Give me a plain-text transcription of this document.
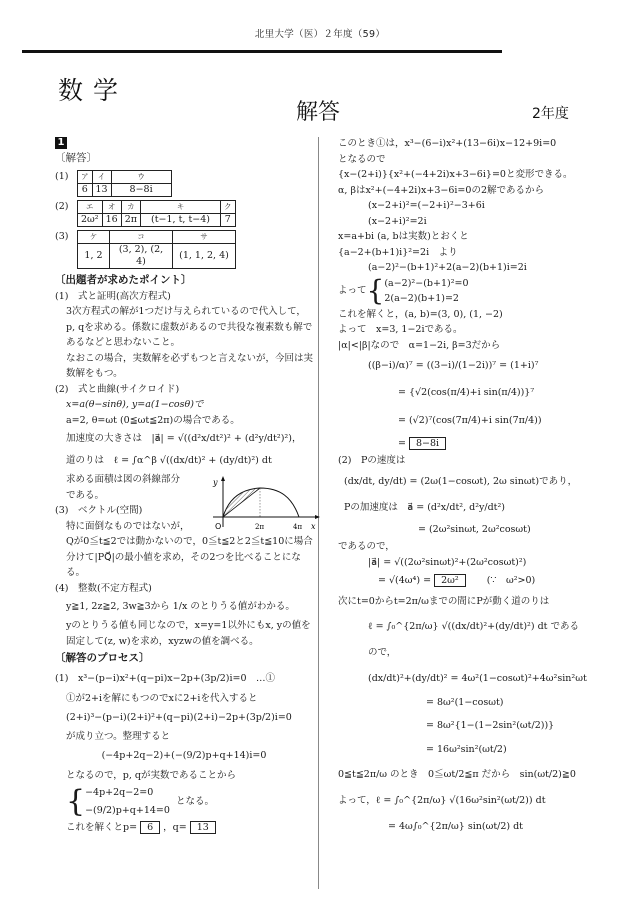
北里大学（医）２年度（59）
数学
解答	2年度
1
〔解答〕
(1)	ア	イ	ウ
6	13	8−8i
(2)	エ	オ	カ	キ	ク
2ω²	16	2π	(t−1, t, t−4)	7
(3)	ケ	コ	サ
1, 2	(3, 2), (2, 4)	(1, 1, 2, 4)
〔出題者が求めたポイント〕
(1)　式と証明(高次方程式)
3次方程式の解が1つだけ与えられているので代入して，p, qを求める。係数に虚数があるので共役な複素数も解であるなどと思わないこと。
なおこの場合，実数解を必ずもつと言えないが，今回は実数解をもつ。
(2)　式と曲線(サイクロイド)
x=a(θ−sinθ), y=a(1−cosθ)で
a=2, θ=ωt (0≦ωt≦2π)の場合である。
加速度の大きさは　|a⃗| = √((d²x/dt²)² + (d²y/dt²)²)，
道のりは　ℓ = ∫α^β √((dx/dt)² + (dy/dt)²) dt
求める面積は図の斜線部分である。
(3)　ベクトル(空間)
特に面倒なものではないが，
Qが0≦t≦2では動かないので，0≦t≦2と2≦t≦10に場合分けて|PQ⃗|の最小値を求め，その2つを比べることになる。
(4)　整数(不定方程式)
y≧1, 2z≧2, 3w≧3から 1/x のとりうる値がわかる。
yのとりうる値も同じなので，x=y=1以外にもx, yの値を固定して(z, w)を求め，xyzwの値を調べる。
〔解答のプロセス〕
(1)　x³−(p−i)x²+(q−pi)x−2p+(3p/2)i=0　…①
①が2+iを解にもつのでxに2+iを代入すると
(2+i)³−(p−i)(2+i)²+(q−pi)(2+i)−2p+(3p/2)i=0
が成り立つ。整理すると
(−4p+2q−2)+(−(9/2)p+q+14)i=0
となるので，p, qが実数であることから
{ −4p+2q−2=0
−(9/2)p+q+14=0
となる。
これを解くとp= 6 ，q= 13
y
O	2π	4π x
このとき①は，x³−(6−i)x²+(13−6i)x−12+9i=0
となるので
{x−(2+i)}{x²+(−4+2i)x+3−6i}=0と変形できる。
α, βはx²+(−4+2i)x+3−6i=0の2解であるから
(x−2+i)²=(−2+i)²−3+6i
(x−2+i)²=2i
x=a+bi (a, bは実数)とおくと
{a−2+(b+1)i}²=2i　より
(a−2)²−(b+1)²+2(a−2)(b+1)i=2i
よって { (a−2)²−(b+1)²=0
2(a−2)(b+1)=2
これを解くと，(a, b)=(3, 0), (1, −2)
よって　x=3, 1−2iである。
|α|<|β|なので　α=1−2i, β=3だから
((β−i)/α)⁷ = ((3−i)/(1−2i))⁷ = (1+i)⁷
= {√2(cos(π/4)+i sin(π/4))}⁷
= (√2)⁷(cos(7π/4)+i sin(7π/4))
= 8−8i
(2)　Pの速度は
(dx/dt, dy/dt) = (2ω(1−cosωt), 2ω sinωt)であり，
Pの加速度は　a⃗ = (d²x/dt², d²y/dt²)
= (2ω²sinωt, 2ω²cosωt)
であるので，
|a⃗| = √((2ω²sinωt)²+(2ω²cosωt)²)
= √(4ω⁴) = 2ω²	(∵　ω²>0)
次にt=0からt=2π/ωまでの間にPが動く道のりは
ℓ = ∫₀^{2π/ω} √((dx/dt)²+(dy/dt)²) dt であるので，
(dx/dt)²+(dy/dt)² = 4ω²(1−cosωt)²+4ω²sin²ωt
= 8ω²(1−cosωt)
= 8ω²{1−(1−2sin²(ωt/2))}
= 16ω²sin²(ωt/2)
0≦t≦2π/ω のとき　0≦ωt/2≦π だから　sin(ωt/2)≧0
よって，ℓ = ∫₀^{2π/ω} √(16ω²sin²(ωt/2)) dt
= 4ω∫₀^{2π/ω} sin(ωt/2) dt
